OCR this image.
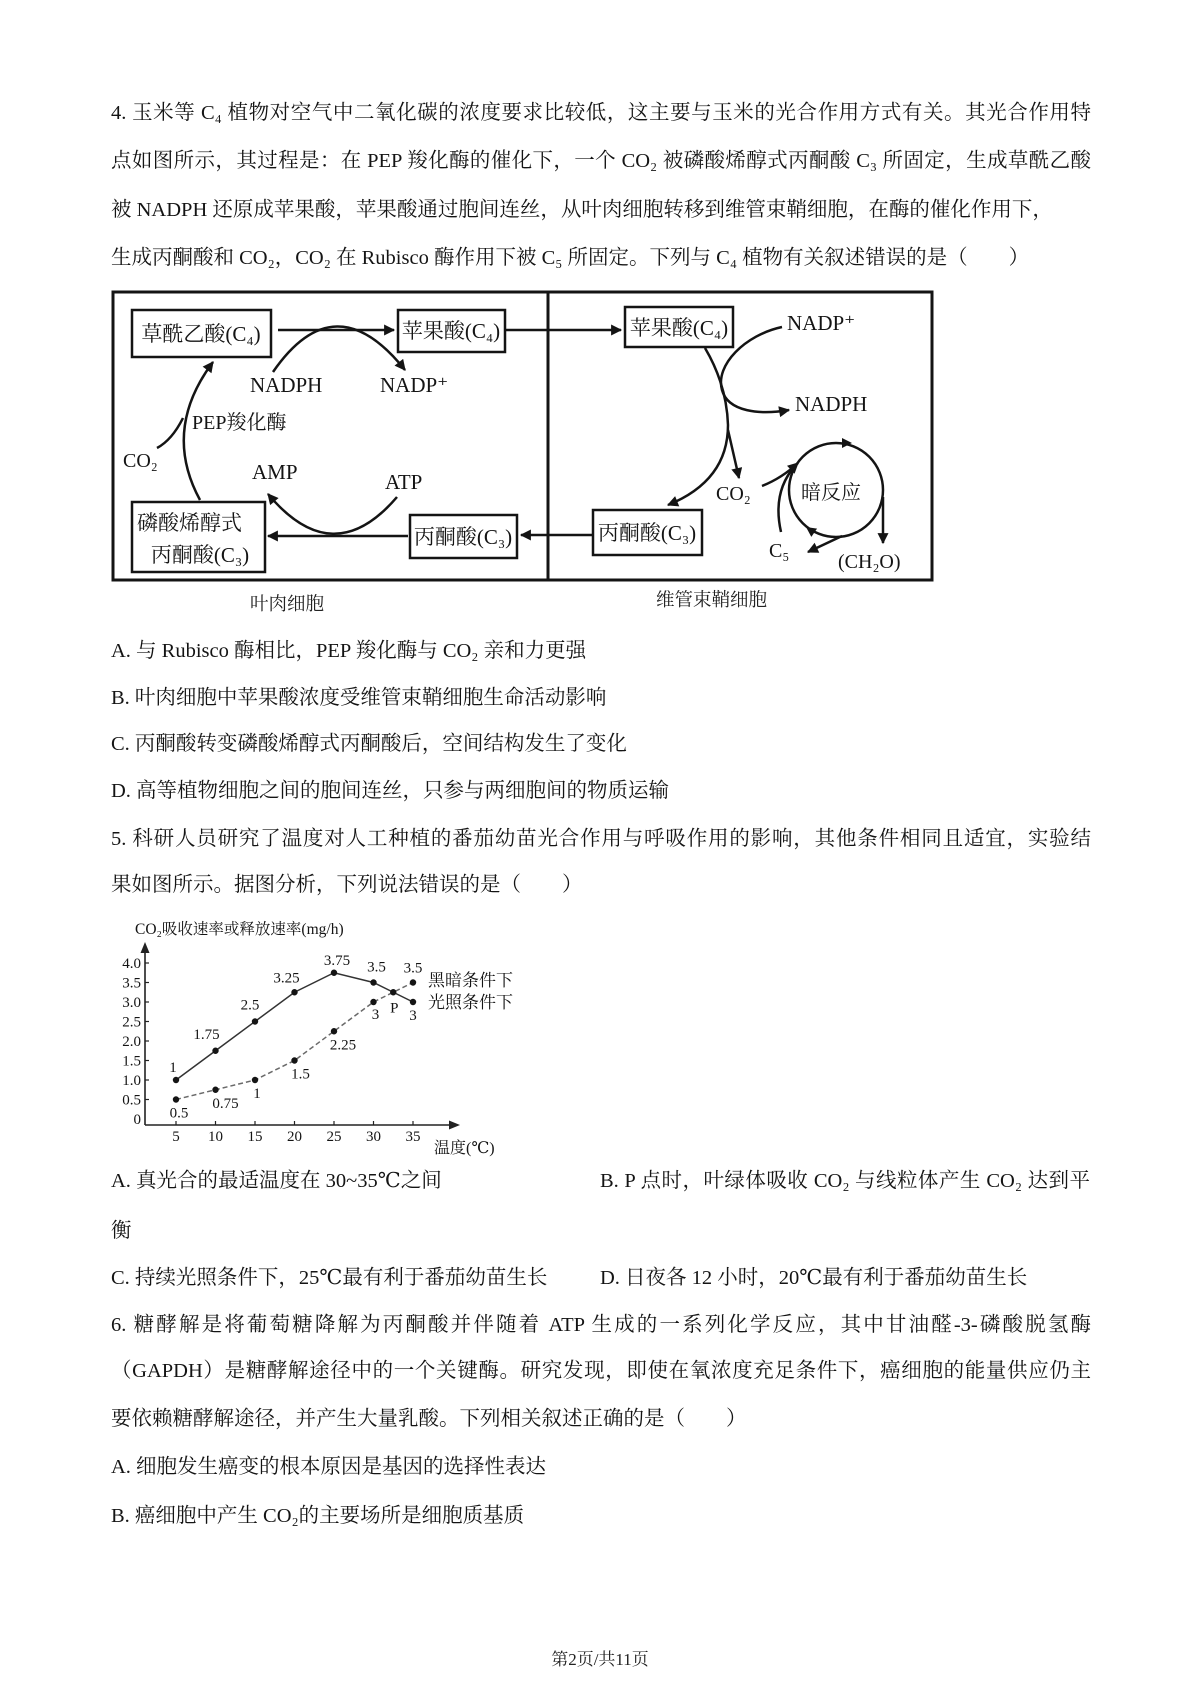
4. 玉米等 C₄ 植物对空气中二氧化碳的浓度要求比较低，这主要与玉米的光合作用方式有关。其光合作用特
点如图所示，其过程是：在 PEP 羧化酶的催化下，一个 CO₂ 被磷酸烯醇式丙酮酸 C₃ 所固定，生成草酰乙酸
被 NADPH 还原成苹果酸，苹果酸通过胞间连丝，从叶肉细胞转移到维管束鞘细胞，在酶的催化作用下，
生成丙酮酸和 CO₂，CO₂ 在 Rubisco 酶作用下被 C₅ 所固定。下列与 C₄ 植物有关叙述错误的是（　　）
草酰乙酸(C₄)	苹果酸(C₄)
NADPH	NADP⁺
PEP羧化酶
CO₂	AMP	ATP
磷酸烯醇式
丙酮酸(C₃)
丙酮酸(C₃)
苹果酸(C₄)	NADP⁺
NADPH
CO₂
丙酮酸(C₃)
暗反应
C₅ (CH₂O)
叶肉细胞	维管束鞘细胞
A. 与 Rubisco 酶相比，PEP 羧化酶与 CO₂ 亲和力更强
B. 叶肉细胞中苹果酸浓度受维管束鞘细胞生命活动影响
C. 丙酮酸转变磷酸烯醇式丙酮酸后，空间结构发生了变化
D. 高等植物细胞之间的胞间连丝，只参与两细胞间的物质运输
5. 科研人员研究了温度对人工种植的番茄幼苗光合作用与呼吸作用的影响，其他条件相同且适宜，实验结
果如图所示。据图分析，下列说法错误的是（　　）
CO₂吸收速率或释放速率(mg/h)
温度(℃)
黑暗条件下
光照条件下
0
0.5
1.0
1.5
2.0
2.5
3.0
3.5
4.0
5 10 15 20 25 30 35
1
1.75
2.5
3.25
3.75 3.5
3
0.5
0.75
1
1.5
2.25
3
3.5
P
A. 真光合的最适温度在 30~35℃之间	B. P 点时，叶绿体吸收 CO₂ 与线粒体产生 CO₂ 达到平
衡
C. 持续光照条件下，25℃最有利于番茄幼苗生长	D. 日夜各 12 小时，20℃最有利于番茄幼苗生长
6. 糖酵解是将葡萄糖降解为丙酮酸并伴随着 ATP 生成的一系列化学反应，其中甘油醛-3-磷酸脱氢酶
（GAPDH）是糖酵解途径中的一个关键酶。研究发现，即使在氧浓度充足条件下，癌细胞的能量供应仍主
要依赖糖酵解途径，并产生大量乳酸。下列相关叙述正确的是（　　）
A. 细胞发生癌变的根本原因是基因的选择性表达
B. 癌细胞中产生 CO₂的主要场所是细胞质基质
第2页/共11页
